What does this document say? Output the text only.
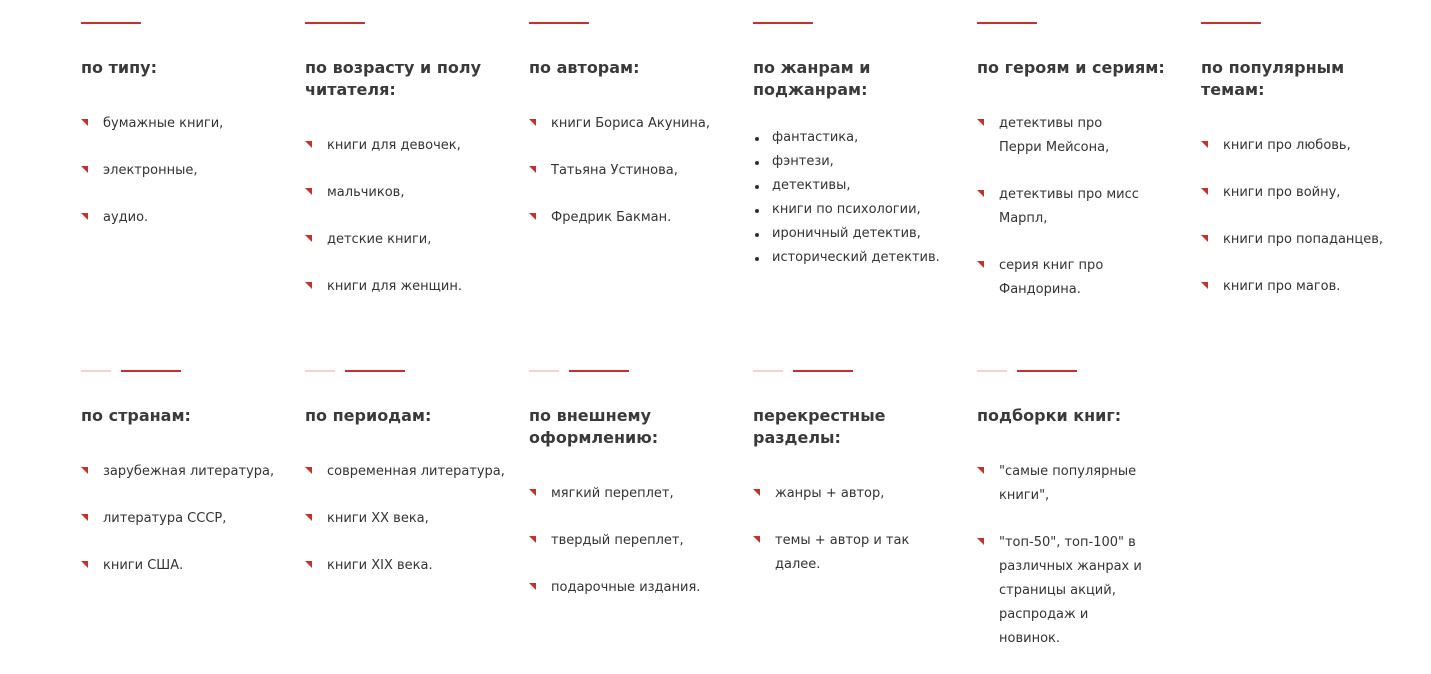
по типу:
бумажные книги,
электронные,
аудио.
по возрасту и полу читателя:
книги для девочек,
мальчиков,
детские книги,
книги для женщин.
по авторам:
книги Бориса Акунина,
Татьяна Устинова,
Фредрик Бакман.
по жанрам и поджанрам:
фантастика,
фэнтези,
детективы,
книги по психологии,
ироничный детектив,
исторический детектив.
по героям и сериям:
детективы про Перри Мейсона,
детективы про мисс Марпл,
серия книг про Фандорина.
по популярным темам:
книги про любовь,
книги про войну,
книги про попаданцев,
книги про магов.
по странам:
зарубежная литература,
литература СССР,
книги США.
по периодам:
современная литература,
книги XX века,
книги XIX века.
по внешнему оформлению:
мягкий переплет,
твердый переплет,
подарочные издания.
перекрестные разделы:
жанры + автор,
темы + автор и так далее.
подборки книг:
"самые популярные книги",
"топ-50", топ-100" в различных жанрах и страницы акций, распродаж и новинок.
